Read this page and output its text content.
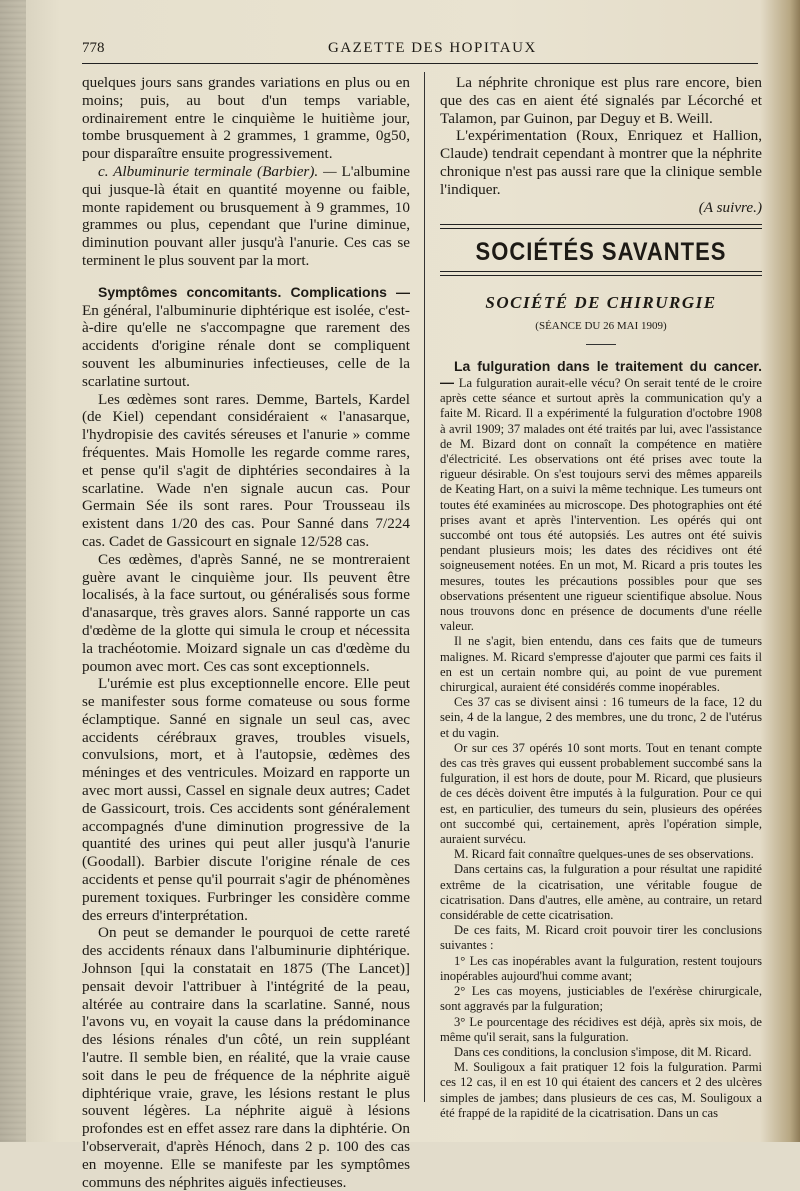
778	GAZETTE DES HOPITAUX

quelques jours sans grandes variations en plus ou en moins; puis, au bout d'un temps variable, ordinairement entre le cinquième le huitième jour, tombe brusquement à 2 grammes, 1 gramme, 0g50, pour disparaître ensuite progressivement.

c. Albuminurie terminale (Barbier). — L'albumine qui jusque-là était en quantité moyenne ou faible, monte rapidement ou brusquement à 9 grammes, 10 grammes ou plus, cependant que l'urine diminue, diminution pouvant aller jusqu'à l'anurie. Ces cas se terminent le plus souvent par la mort.

Symptômes concomitants. Complications — En général, l'albuminurie diphtérique est isolée, c'est-à-dire qu'elle ne s'accompagne que rarement des accidents d'origine rénale dont se compliquent souvent les albuminuries infectieuses, celle de la scarlatine surtout.

Les œdèmes sont rares. Demme, Bartels, Kardel (de Kiel) cependant considéraient « l'anasarque, l'hydropisie des cavités séreuses et l'anurie » comme fréquentes. Mais Homolle les regarde comme rares, et pense qu'il s'agit de diphtéries secondaires à la scarlatine. Wade n'en signale aucun cas. Pour Germain Sée ils sont rares. Pour Trousseau ils existent dans 1/20 des cas. Pour Sanné dans 7/224 cas. Cadet de Gassicourt en signale 12/528 cas.

Ces œdèmes, d'après Sanné, ne se montreraient guère avant le cinquième jour. Ils peuvent être localisés, à la face surtout, ou généralisés sous forme d'anasarque, très graves alors. Sanné rapporte un cas d'œdème de la glotte qui simula le croup et nécessita la trachéotomie. Moizard signale un cas d'œdème du poumon avec mort. Ces cas sont exceptionnels.

L'urémie est plus exceptionnelle encore. Elle peut se manifester sous forme comateuse ou sous forme éclamptique. Sanné en signale un seul cas, avec accidents cérébraux graves, troubles visuels, convulsions, mort, et à l'autopsie, œdèmes des méninges et des ventricules. Moizard en rapporte un avec mort aussi, Cassel en signale deux autres; Cadet de Gassicourt, trois. Ces accidents sont généralement accompagnés d'une diminution progressive de la quantité des urines qui peut aller jusqu'à l'anurie (Goodall). Barbier discute l'origine rénale de ces accidents et pense qu'il pourrait s'agir de phénomènes purement toxiques. Furbringer les considère comme des erreurs d'interprétation.

On peut se demander le pourquoi de cette rareté des accidents rénaux dans l'albuminurie diphtérique. Johnson [qui la constatait en 1875 (The Lancet)] pensait devoir l'attribuer à l'intégrité de la peau, altérée au contraire dans la scarlatine. Sanné, nous l'avons vu, en voyait la cause dans la prédominance des lésions rénales d'un côté, un rein suppléant l'autre. Il semble bien, en réalité, que la vraie cause soit dans le peu de fréquence de la néphrite aiguë diphtérique vraie, grave, les lésions restant le plus souvent légères. La néphrite aiguë à lésions profondes est en effet assez rare dans la diphtérie. On l'observerait, d'après Hénoch, dans 2 p. 100 des cas en moyenne. Elle se manifeste par les symptômes communs des néphrites aiguës infectieuses.

La néphrite chronique est plus rare encore, bien que des cas en aient été signalés par Lécorché et Talamon, par Guinon, par Deguy et B. Weill.

L'expérimentation (Roux, Enriquez et Hallion, Claude) tendrait cependant à montrer que la néphrite chronique n'est pas aussi rare que la clinique semble l'indiquer.

(A suivre.)

SOCIÉTÉS SAVANTES
SOCIÉTÉ DE CHIRURGIE
(SÉANCE DU 26 MAI 1909)

La fulguration dans le traitement du cancer. — La fulguration aurait-elle vécu? On serait tenté de le croire après cette séance et surtout après la communication qu'y a faite M. Ricard. Il a expérimenté la fulguration d'octobre 1908 à avril 1909; 37 malades ont été traités par lui, avec l'assistance de M. Bizard dont on connaît la compétence en matière d'électricité. Les observations ont été prises avec toute la rigueur désirable. On s'est toujours servi des mêmes appareils de Keating Hart, on a suivi la même technique. Les tumeurs ont toutes été examinées au microscope. Des photographies ont été prises avant et après l'intervention. Les opérés qui ont succombé ont tous été autopsiés. Les autres ont été suivis pendant plusieurs mois; les dates des récidives ont été soigneusement notées. En un mot, M. Ricard a pris toutes les mesures, toutes les précautions possibles pour que ses observations présentent une rigueur scientifique absolue. Nous nous trouvons donc en présence de documents d'une réelle valeur.

Il ne s'agit, bien entendu, dans ces faits que de tumeurs malignes. M. Ricard s'empresse d'ajouter que parmi ces faits il en est un certain nombre qui, au point de vue purement chirurgical, auraient été considérés comme inopérables.

Ces 37 cas se divisent ainsi : 16 tumeurs de la face, 12 du sein, 4 de la langue, 2 des membres, une du tronc, 2 de l'utérus et du vagin.

Or sur ces 37 opérés 10 sont morts. Tout en tenant compte des cas très graves qui eussent probablement succombé sans la fulguration, il est hors de doute, pour M. Ricard, que plusieurs de ces décès doivent être imputés à la fulguration. Pour ce qui est, en particulier, des tumeurs du sein, plusieurs des opérées ont succombé qui, certainement, après l'opération simple, auraient survécu.

M. Ricard fait connaître quelques-unes de ses observations.

Dans certains cas, la fulguration a pour résultat une rapidité extrême de la cicatrisation, une véritable fougue de cicatrisation. Dans d'autres, elle amène, au contraire, un retard considérable de cette cicatrisation.

De ces faits, M. Ricard croit pouvoir tirer les conclusions suivantes :

1° Les cas inopérables avant la fulguration, restent toujours inopérables aujourd'hui comme avant;

2° Les cas moyens, justiciables de l'exérèse chirurgicale, sont aggravés par la fulguration;

3° Le pourcentage des récidives est déjà, après six mois, de même qu'il serait, sans la fulguration.

Dans ces conditions, la conclusion s'impose, dit M. Ricard.

M. Souligoux a fait pratiquer 12 fois la fulguration. Parmi ces 12 cas, il en est 10 qui étaient des cancers et 2 des ulcères simples de jambes; dans plusieurs de ces cas, M. Souligoux a été frappé de la rapidité de la cicatrisation. Dans un cas
